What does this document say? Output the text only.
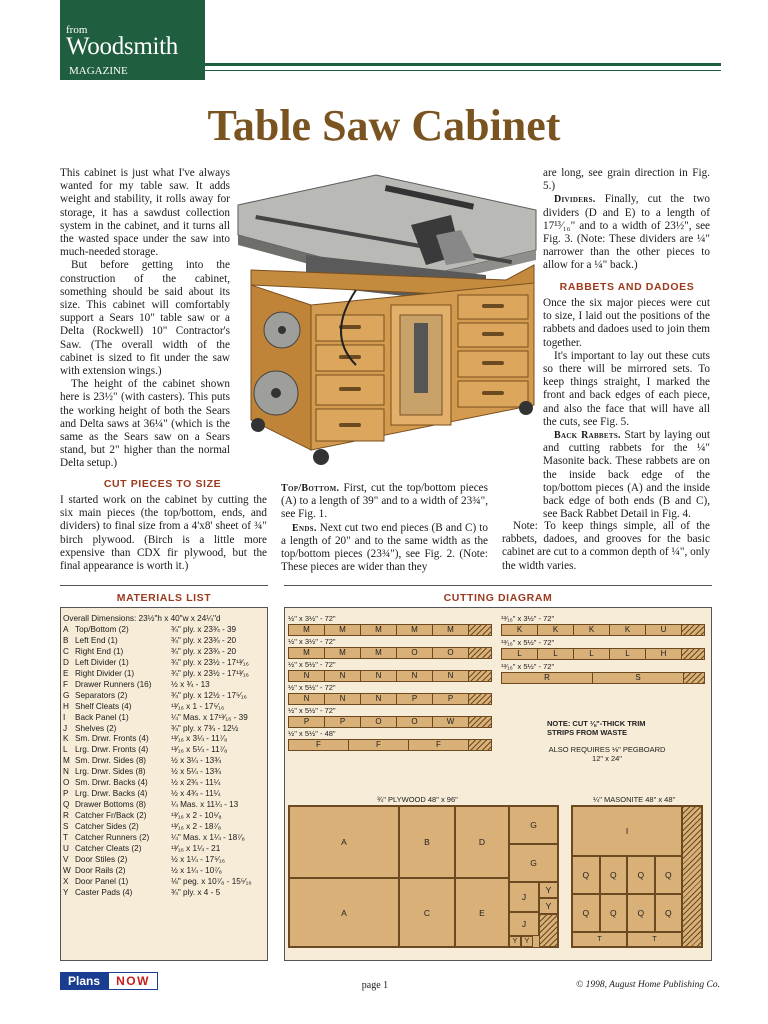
from
Woodsmith
MAGAZINE
Table Saw Cabinet

This cabinet is just what I've always wanted for my table saw. It adds weight and stability, it rolls away for storage, it has a sawdust collection system in the cabinet, and it turns all the wasted space under the saw into much-needed storage.

But before getting into the construction of the cabinet, something should be said about its size. This cabinet will comfortably support a Sears 10" table saw or a Delta (Rockwell) 10" Contractor's Saw. (The overall width of the cabinet is sized to fit under the saw with extension wings.)

The height of the cabinet shown here is 23½" (with casters). This puts the working height of both the Sears and Delta saws at 36¼" (which is the same as the Sears saw on a Sears stand, but 2" higher than the normal Delta setup.)

CUT PIECES TO SIZE

I started work on the cabinet by cutting the six main pieces (the top/bottom, ends, and dividers) to final size from a 4'x8' sheet of ¾" birch plywood. (Birch is a little more expensive than CDX fir plywood, but the final appearance is worth it.)

Top/Bottom. First, cut the top/bottom pieces (A) to a length of 39" and to a width of 23¾", see Fig. 1.

Ends. Next cut two end pieces (B and C) to a length of 20" and to the same width as the top/bottom pieces (23¾"), see Fig. 2. (Note: These pieces are wider than they

are long, see grain direction in Fig. 5.)

Dividers. Finally, cut the two dividers (D and E) to a length of 17¹³⁄₁₆" and to a width of 23½", see Fig. 3. (Note: These dividers are ¼" narrower than the other pieces to allow for a ¼" back.)

RABBETS AND DADOES

Once the six major pieces were cut to size, I laid out the positions of the rabbets and dadoes used to join them together.

It's important to lay out these cuts so there will be mirrored sets. To keep things straight, I marked the front and back edges of each piece, and also the face that will have all the cuts, see Fig. 5.

Back Rabbets. Start by laying out and cutting rabbets for the ¼" Masonite back. These rabbets are on the inside back edge of the top/bottom pieces (A) and the inside back edge of both ends (B and C), see Back Rabbet Detail in Fig. 4.

Note: To keep things simple, all of the rabbets, dadoes, and grooves for the basic cabinet are cut to a common depth of ¼", only the width varies.

MATERIALS LIST
Overall Dimensions: 23½"h x 40"w x 24¼"d
A Top/Bottom (2)	¾" ply. x 23¾ - 39
B Left End (1)	¾" ply. x 23¾ - 20
C Right End (1)	¾" ply. x 23¾ - 20
D Left Divider (1)	¾" ply. x 23½ - 17¹³⁄₁₆
E Right Divider (1)	¾" ply. x 23½ - 17¹³⁄₁₆
F Drawer Runners (16)	½ x ¾ - 13
G Separators (2)	¾" ply. x 12½ - 17⁵⁄₁₆
H Shelf Cleats (4)	¹³⁄₁₆ x 1 - 17⁵⁄₁₆
I	Back Panel (1)	¼" Mas. x 17¹³⁄₁₆ - 39
J Shelves (2)	¾" ply. x 7¾ - 12½
K Sm. Drwr. Fronts (4)	¹³⁄₁₆ x 3¼ - 11⁷⁄₈
L Lrg. Drwr. Fronts (4)	¹³⁄₁₆ x 5¼ - 11⁷⁄₈
M Sm. Drwr. Sides (8)	½ x 3¼ - 13¾
N Lrg. Drwr. Sides (8)	½ x 5¼ - 13¾
O Sm. Drwr. Backs (4)	½ x 2¾ - 11¼
P Lrg. Drwr. Backs (4)	½ x 4¾ - 11¼
Q Drawer Bottoms (8)	¼ Mas. x 11¼ - 13
R Catcher Fr/Back (2)	¹³⁄₁₆ x 2 - 10⁵⁄₈
S Catcher Sides (2)	¹³⁄₁₆ x 2 - 18⁷⁄₈
T Catcher Runners (2)	¼" Mas. x 1¼ - 18⁷⁄₈
U Catcher Cleats (2)	¹³⁄₁₆ x 1¼ - 21
V Door Stiles (2)	½ x 1¼ - 17⁵⁄₁₆
W Door Rails (2)	½ x 1¼ - 10⁷⁄₈
X Door Panel (1)	⅛" peg. x 10⁷⁄₈ - 15⁵⁄₁₆
Y Caster Pads (4)	¾" ply. x 4 - 5
CUTTING DIAGRAM
NOTE: CUT ⅛"-THICK TRIM STRIPS FROM WASTE
ALSO REQUIRES ⅛" PEGBOARD 12" x 24"
¾" PLYWOOD 48" x 96"	¼" MASONITE 48" x 48"
A
A
B
C
D
E
G
G
J
J
Y
Y
Y	Y
I
Q	Q	Q	Q
Q	Q	Q	Q
T	T
½" x 3½" - 72"
M	M	M	M	M
½" x 3½" - 72"
M	M	M	O	O
½" x 5½" - 72"
N	N	N	N	N
½" x 5½" - 72"
N	N	N	P	P
½" x 5½" - 72"
P	P	O	O	W
½" x 5½" - 48"
F	F	F
¹³⁄₁₆" x 3½" - 72"
K	K	K	K	U
¹³⁄₁₆" x 5½" - 72"
L	L	L	L	H
¹³⁄₁₆" x 5½" - 72"
R	S
Plans	NOW	page 1	© 1998, August Home Publishing Co.
